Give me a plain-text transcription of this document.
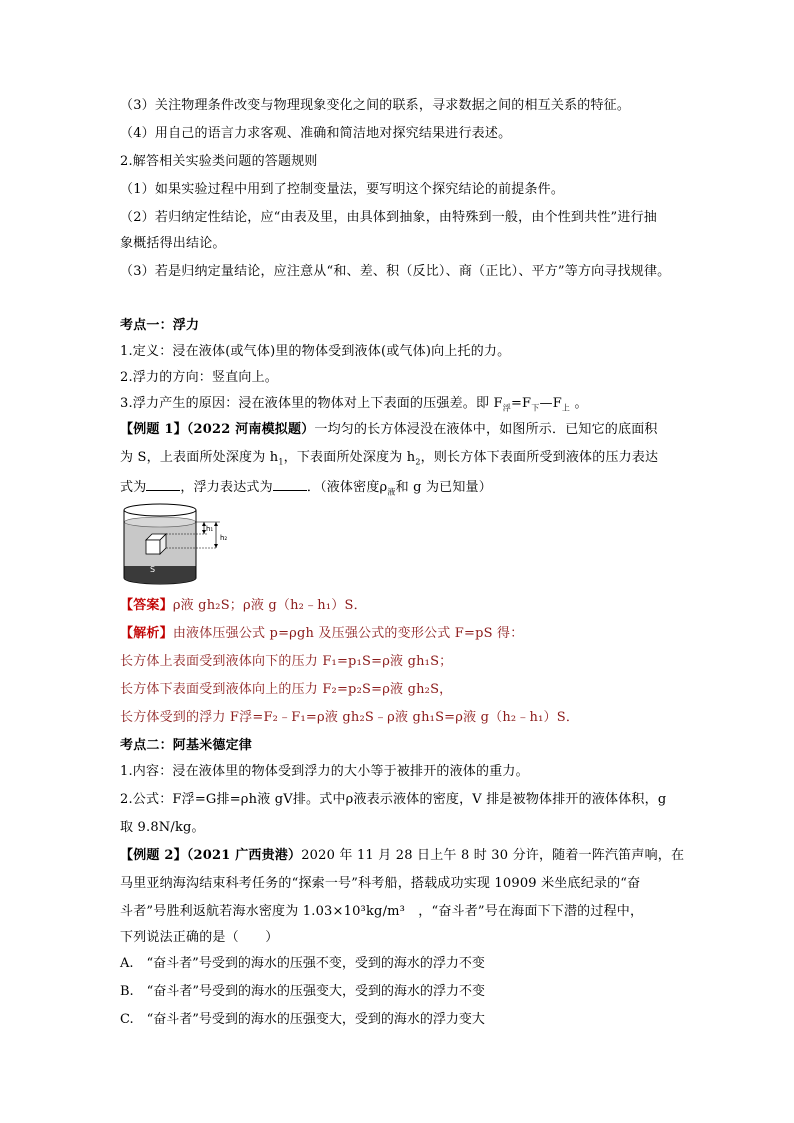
（3）关注物理条件改变与物理现象变化之间的联系，寻求数据之间的相互关系的特征。
（4）用自己的语言力求客观、准确和简洁地对探究结果进行表述。
2.解答相关实验类问题的答题规则
（1）如果实验过程中用到了控制变量法，要写明这个探究结论的前提条件。
（2）若归纳定性结论，应“由表及里，由具体到抽象，由特殊到一般，由个性到共性”进行抽
象概括得出结论。
（3）若是归纳定量结论，应注意从“和、差、积（反比）、商（正比）、平方”等方向寻找规律。
考点一：浮力
1.定义：浸在液体(或气体)里的物体受到液体(或气体)向上托的力。
2.浮力的方向：竖直向上。
3.浮力产生的原因：浸在液体里的物体对上下表面的压强差。即 $F_浮=F_下—F_上$ 。
【例题 1】（2022 河南模拟题）一均匀的长方体浸没在液体中，如图所示．已知它的底面积
为 S，上表面所处深度为 $h_1$，下表面所处深度为 $h_2$，则长方体下表面所受到液体的压力表达
式为	，浮力表达式为	．（液体密度$\rho_液$和 g 为已知量）
S
h₁
h₂
【答案】ρ液 gh₂S；ρ液 g（h₂﹣h₁）S．
【解析】由液体压强公式 p=ρgh 及压强公式的变形公式 F=pS 得：
长方体上表面受到液体向下的压力 F₁=p₁S=ρ液 gh₁S；
长方体下表面受到液体向上的压力 F₂=p₂S=ρ液 gh₂S，
长方体受到的浮力 F浮=F₂﹣F₁=ρ液 gh₂S﹣ρ液 gh₁S=ρ液 g（h₂﹣h₁）S．
考点二：阿基米德定律
1.内容：浸在液体里的物体受到浮力的大小等于被排开的液体的重力。
2.公式：F浮=G排=ρh液 gV排。式中ρ液表示液体的密度，V 排是被物体排开的液体体积，g
取 9.8N/kg。
【例题 2】（2021 广西贵港）2020 年 11 月 28 日上午 8 时 30 分许，随着一阵汽笛声响，在
马里亚纳海沟结束科考任务的“探索一号”科考船，搭载成功实现 10909 米坐底纪录的“奋
斗者”号胜利返航若海水密度为 1.03×10³kg/m³　，“奋斗者”号在海面下下潜的过程中，
下列说法正确的是（　　）
A.　“奋斗者”号受到的海水的压强不变，受到的海水的浮力不变
B.　“奋斗者”号受到的海水的压强变大，受到的海水的浮力不变
C.　“奋斗者”号受到的海水的压强变大，受到的海水的浮力变大
